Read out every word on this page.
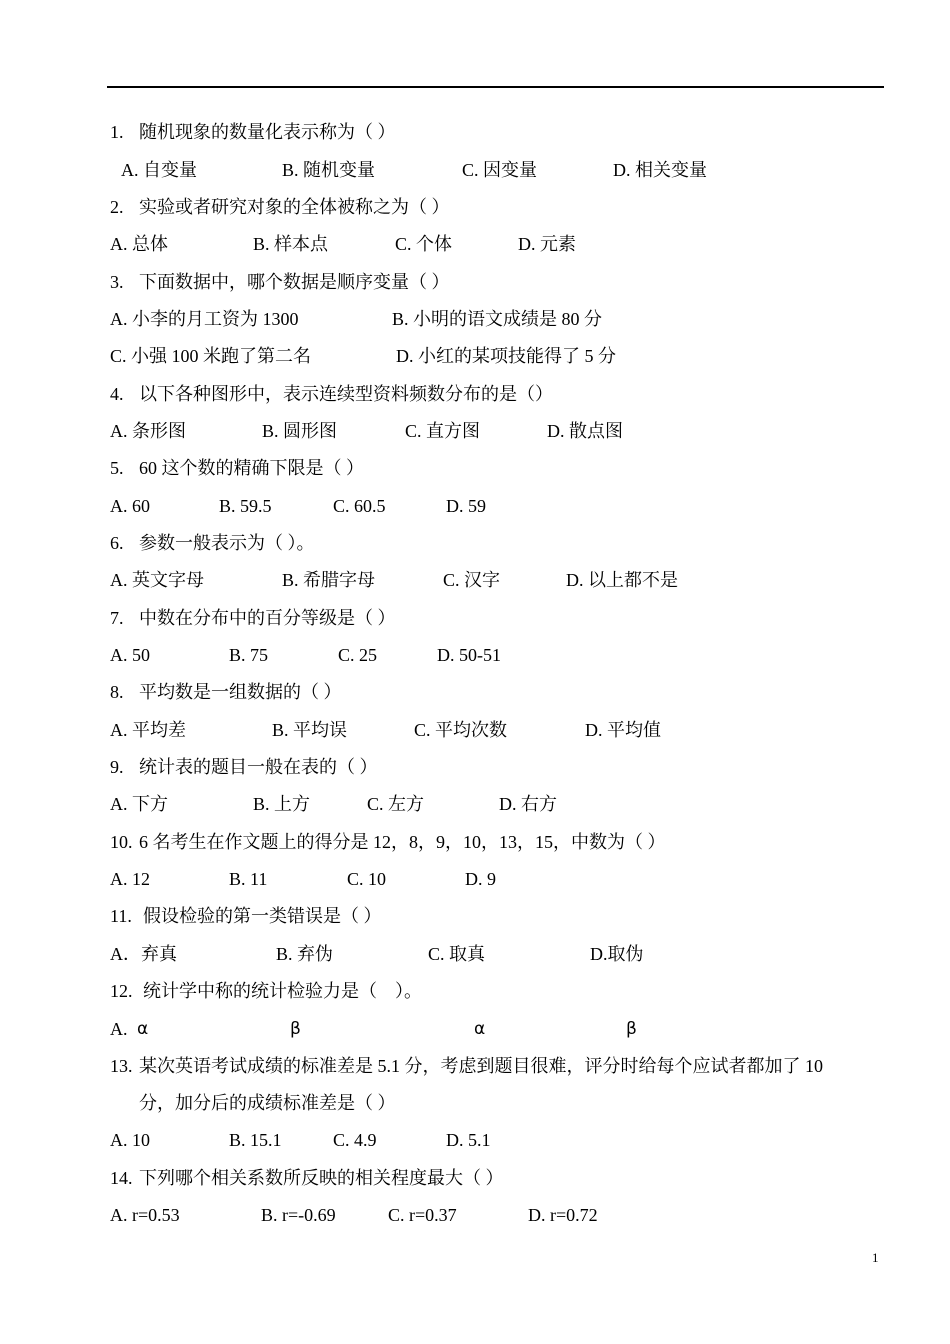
1. 随机现象的数量化表示称为（ ）
A. 自变量	B. 随机变量	C. 因变量	D. 相关变量
2. 实验或者研究对象的全体被称之为（ ）
A. 总体	B. 样本点	C. 个体	D. 元素
3. 下面数据中，哪个数据是顺序变量（ ）
A. 小李的月工资为 1300	B. 小明的语文成绩是 80 分
C. 小强 100 米跑了第二名	D. 小红的某项技能得了 5 分
4. 以下各种图形中，表示连续型资料频数分布的是（）
A. 条形图	B. 圆形图	C. 直方图	D. 散点图
5. 60 这个数的精确下限是（ ）
A. 60	B. 59.5	C. 60.5	D. 59
6. 参数一般表示为（ ）。
A. 英文字母	B. 希腊字母	C. 汉字	D. 以上都不是
7. 中数在分布中的百分等级是（ ）
A. 50	B. 75	C. 25	D. 50-51
8. 平均数是一组数据的（ ）
A. 平均差	B. 平均误	C. 平均次数	D. 平均值
9. 统计表的题目一般在表的（ ）
A. 下方	B. 上方	C. 左方	D. 右方
10. 6 名考生在作文题上的得分是 12，8，9，10，13，15，中数为（ ）
A. 12	B. 11	C. 10	D. 9
11. 假设检验的第一类错误是（ ）
A．弃真	B. 弃伪	C. 取真	D.取伪
12. 统计学中称的统计检验力是（　）。
A. α	β	α	β
13. 某次英语考试成绩的标准差是 5.1 分，考虑到题目很难，评分时给每个应试者都加了 10
分，加分后的成绩标准差是（ ）
A. 10	B. 15.1	C. 4.9	D. 5.1
14. 下列哪个相关系数所反映的相关程度最大（ ）
A. r=0.53	B. r=-0.69	C. r=0.37	D. r=0.72
1
